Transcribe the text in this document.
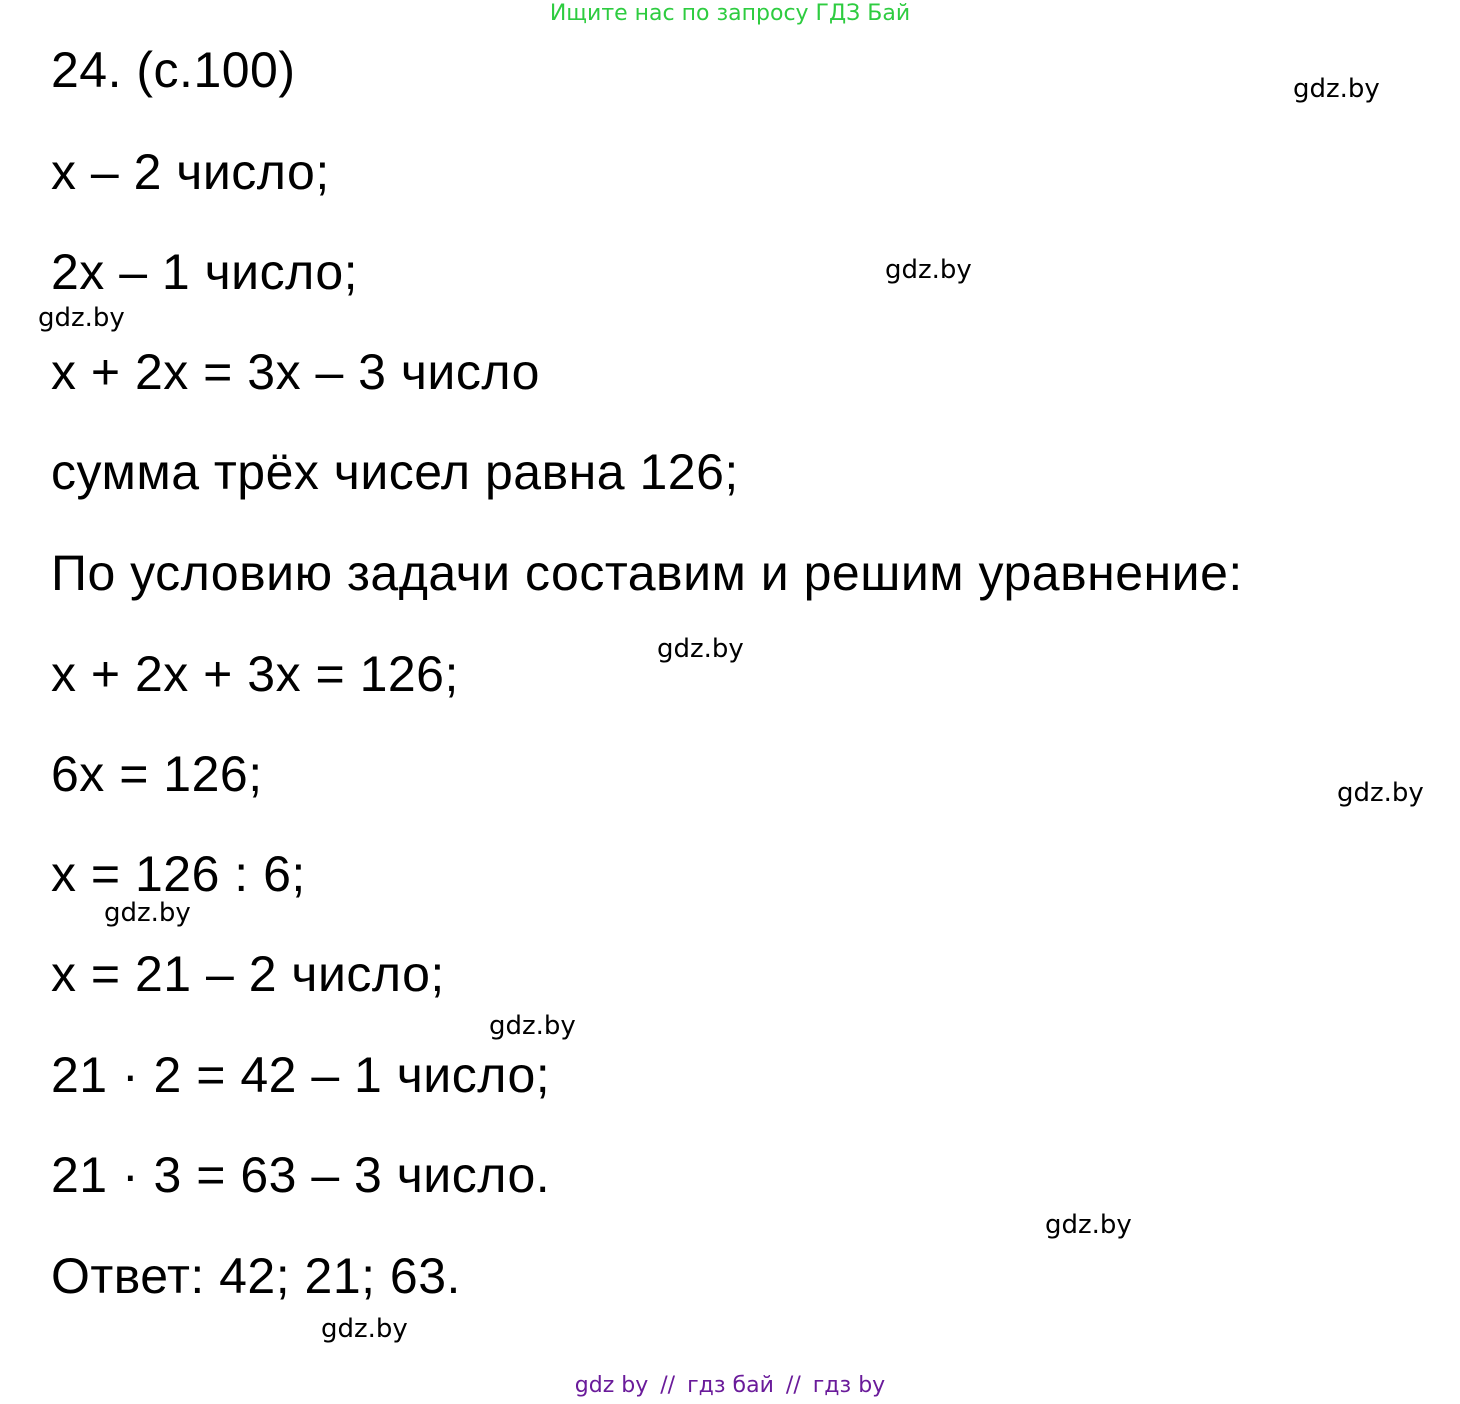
Ищите нас по запросу ГДЗ Бай
24. (с.100)
x – 2 число;
2x – 1 число;
x + 2x = 3x – 3 число
сумма трёх чисел равна 126;
По условию задачи составим и решим уравнение:
x + 2x + 3x = 126;
6x = 126;
x = 126 : 6;
x = 21 – 2 число;
21 · 2 = 42 – 1 число;
21 · 3 = 63 – 3 число.
Ответ: 42; 21; 63.
gdz.by
gdz.by
gdz.by
gdz.by
gdz.by
gdz.by
gdz.by
gdz.by
gdz.by
gdz by // гдз бай // гдз by
